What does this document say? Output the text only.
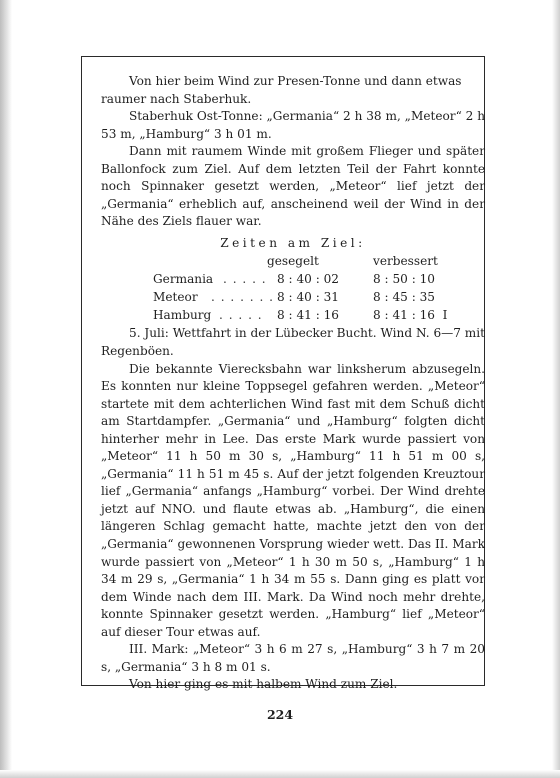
Von hier beim Wind zur Presen-Tonne und dann etwas

raumer nach Staberhuk.

Staberhuk Ost-Tonne: „Germania“ 2 h 38 m, „Meteor“ 2 h 53 m, „Hamburg“ 3 h 01 m.

Dann mit raumem Winde mit großem Flieger und später Ballonfock zum Ziel. Auf dem letzten Teil der Fahrt konnte noch Spinnaker gesetzt werden, „Meteor“ lief jetzt der „Germania“ erheblich auf, anscheinend weil der Wind in der Nähe des Ziels flauer war.

Zeiten am Ziel:
gesegelt	verbessert
Germania . . . . . 8 : 40 : 02	8 : 50 : 10
Meteor . . . . . . . 8 : 40 : 31	8 : 45 : 35
Hamburg . . . . . 8 : 41 : 16	8 : 41 : 16  I

5. Juli: Wettfahrt in der Lübecker Bucht. Wind N. 6—7 mit Regenböen.

Die bekannte Vierecksbahn war linksherum abzusegeln. Es konnten nur kleine Toppsegel gefahren werden. „Meteor“ startete mit dem achterlichen Wind fast mit dem Schuß dicht am Startdampfer. „Germania“ und „Hamburg“ folgten dicht hinterher mehr in Lee. Das erste Mark wurde passiert von „Meteor“ 11 h 50 m 30 s, „Hamburg“ 11 h 51 m 00 s, „Germania“ 11 h 51 m 45 s. Auf der jetzt folgenden Kreuztour lief „Germania“ anfangs „Hamburg“ vorbei. Der Wind drehte jetzt auf NNO. und flaute etwas ab. „Hamburg“, die einen längeren Schlag gemacht hatte, machte jetzt den von der „Germania“ gewonnenen Vorsprung wieder wett. Das II. Mark wurde passiert von „Meteor“ 1 h 30 m 50 s, „Hamburg“ 1 h 34 m 29 s, „Germania“ 1 h 34 m 55 s. Dann ging es platt vor dem Winde nach dem III. Mark. Da Wind noch mehr drehte, konnte Spinnaker gesetzt werden. „Hamburg“ lief „Meteor“ auf dieser Tour etwas auf.

III. Mark: „Meteor“ 3 h 6 m 27 s, „Hamburg“ 3 h 7 m 20 s, „Germania“ 3 h 8 m 01 s.

Von hier ging es mit halbem Wind zum Ziel.

224
